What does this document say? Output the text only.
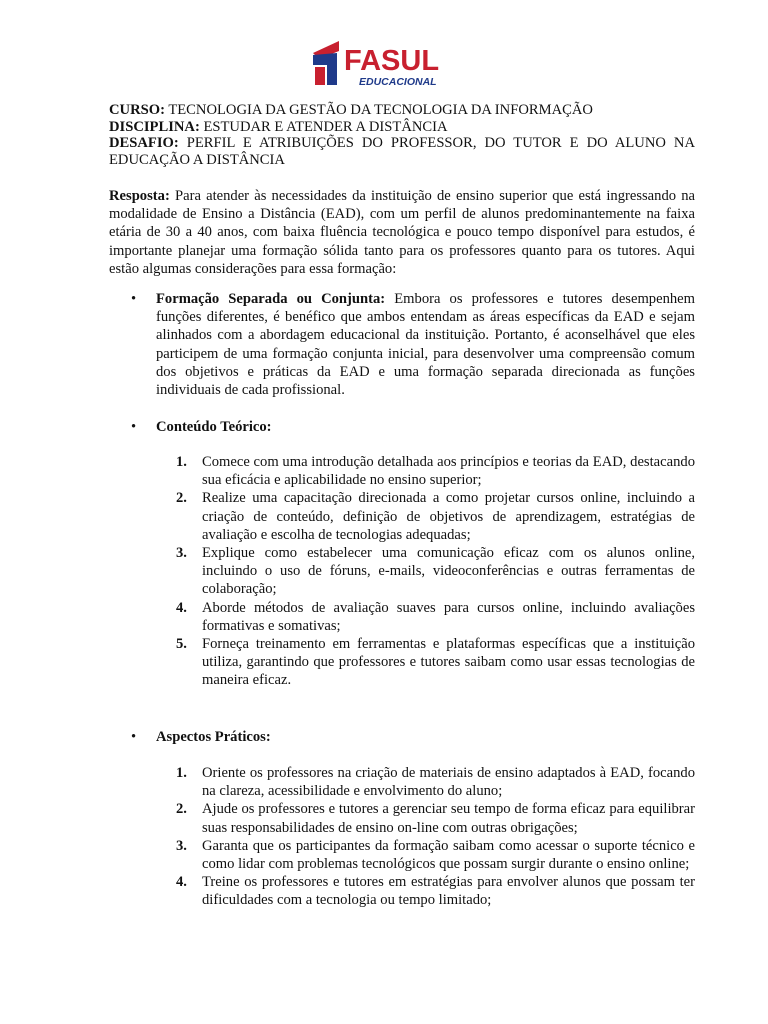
FASUL
EDUCACIONAL
CURSO: TECNOLOGIA DA GESTÃO DA TECNOLOGIA DA INFORMAÇÃO
DISCIPLINA: ESTUDAR E ATENDER A DISTÂNCIA
DESAFIO: PERFIL E ATRIBUIÇÕES DO PROFESSOR, DO TUTOR E DO ALUNO NA EDUCAÇÃO A DISTÂNCIA
Resposta: Para atender às necessidades da instituição de ensino superior que está ingressando na modalidade de Ensino a Distância (EAD), com um perfil de alunos predominantemente na faixa etária de 30 a 40 anos, com baixa fluência tecnológica e pouco tempo disponível para estudos, é importante planejar uma formação sólida tanto para os professores quanto para os tutores. Aqui estão algumas considerações para essa formação:
•	Formação Separada ou Conjunta: Embora os professores e tutores desempenhem funções diferentes, é benéfico que ambos entendam as áreas específicas da EAD e sejam alinhados com a abordagem educacional da instituição. Portanto, é aconselhável que eles participem de uma formação conjunta inicial, para desenvolver uma compreensão comum dos objetivos e práticas da EAD e uma formação separada direcionada as funções individuais de cada profissional.
•	Conteúdo Teórico:
1. Comece com uma introdução detalhada aos princípios e teorias da EAD, destacando sua eficácia e aplicabilidade no ensino superior;
2. Realize uma capacitação direcionada a como projetar cursos online, incluindo a criação de conteúdo, definição de objetivos de aprendizagem, estratégias de avaliação e escolha de tecnologias adequadas;
3. Explique como estabelecer uma comunicação eficaz com os alunos online, incluindo o uso de fóruns, e-mails, videoconferências e outras ferramentas de colaboração;
4. Aborde métodos de avaliação suaves para cursos online, incluindo avaliações formativas e somativas;
5. Forneça treinamento em ferramentas e plataformas específicas que a instituição utiliza, garantindo que professores e tutores saibam como usar essas tecnologias de maneira eficaz.
•	Aspectos Práticos:
1. Oriente os professores na criação de materiais de ensino adaptados à EAD, focando na clareza, acessibilidade e envolvimento do aluno;
2. Ajude os professores e tutores a gerenciar seu tempo de forma eficaz para equilibrar suas responsabilidades de ensino on-line com outras obrigações;
3. Garanta que os participantes da formação saibam como acessar o suporte técnico e como lidar com problemas tecnológicos que possam surgir durante o ensino online;
4. Treine os professores e tutores em estratégias para envolver alunos que possam ter dificuldades com a tecnologia ou tempo limitado;
